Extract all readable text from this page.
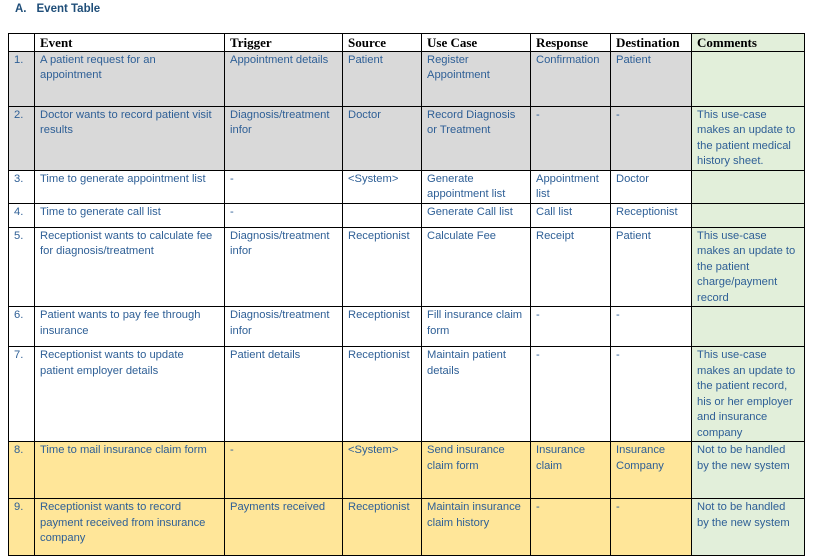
A. Event Table
	Event	Trigger	Source	Use Case	Response	Destination	Comments
1.	A patient request for an appointment	Appointment details	Patient	Register Appointment	Confirmation	Patient	
2.	Doctor wants to record patient visit results	Diagnosis/treatment infor	Doctor	Record Diagnosis or Treatment	-	-	This use-case makes an update to the patient medical history sheet.
3.	Time to generate appointment list	-	<System>	Generate appointment list	Appointment list	Doctor	
4.	Time to generate call list	-		Generate Call list	Call list	Receptionist	
5.	Receptionist wants to calculate fee for diagnosis/treatment	Diagnosis/treatment infor	Receptionist	Calculate Fee	Receipt	Patient	This use-case makes an update to the patient charge/payment record
6.	Patient wants to pay fee through insurance	Diagnosis/treatment infor	Receptionist	Fill insurance claim form	-	-	
7.	Receptionist wants to update patient employer details	Patient details	Receptionist	Maintain patient details	-	-	This use-case makes an update to the patient record, his or her employer and insurance company
8.	Time to mail insurance claim form	-	<System>	Send insurance claim form	Insurance claim	Insurance Company	Not to be handled by the new system
9.	Receptionist wants to record payment received from insurance company	Payments received	Receptionist	Maintain insurance claim history	-	-	Not to be handled by the new system
